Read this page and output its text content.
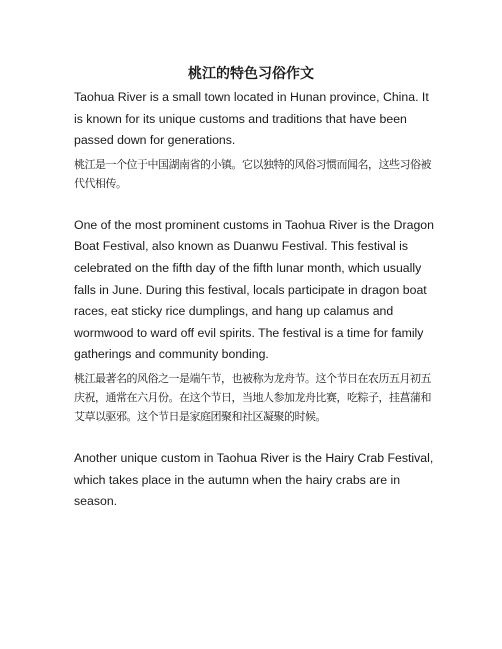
桃江的特色习俗作文

Taohua River is a small town located in Hunan province, China. It is known for its unique customs and traditions that have been passed down for generations.

桃江是一个位于中国湖南省的小镇。它以独特的风俗习惯而闻名，这些习俗被代代相传。

One of the most prominent customs in Taohua River is the Dragon Boat Festival, also known as Duanwu Festival. This festival is celebrated on the fifth day of the fifth lunar month, which usually falls in June. During this festival, locals participate in dragon boat races, eat sticky rice dumplings, and hang up calamus and wormwood to ward off evil spirits. The festival is a time for family gatherings and community bonding.

桃江最著名的风俗之一是端午节，也被称为龙舟节。这个节日在农历五月初五庆祝，通常在六月份。在这个节日，当地人参加龙舟比赛，吃粽子，挂菖蒲和艾草以驱邪。这个节日是家庭团聚和社区凝聚的时候。

Another unique custom in Taohua River is the Hairy Crab Festival, which takes place in the autumn when the hairy crabs are in season.
